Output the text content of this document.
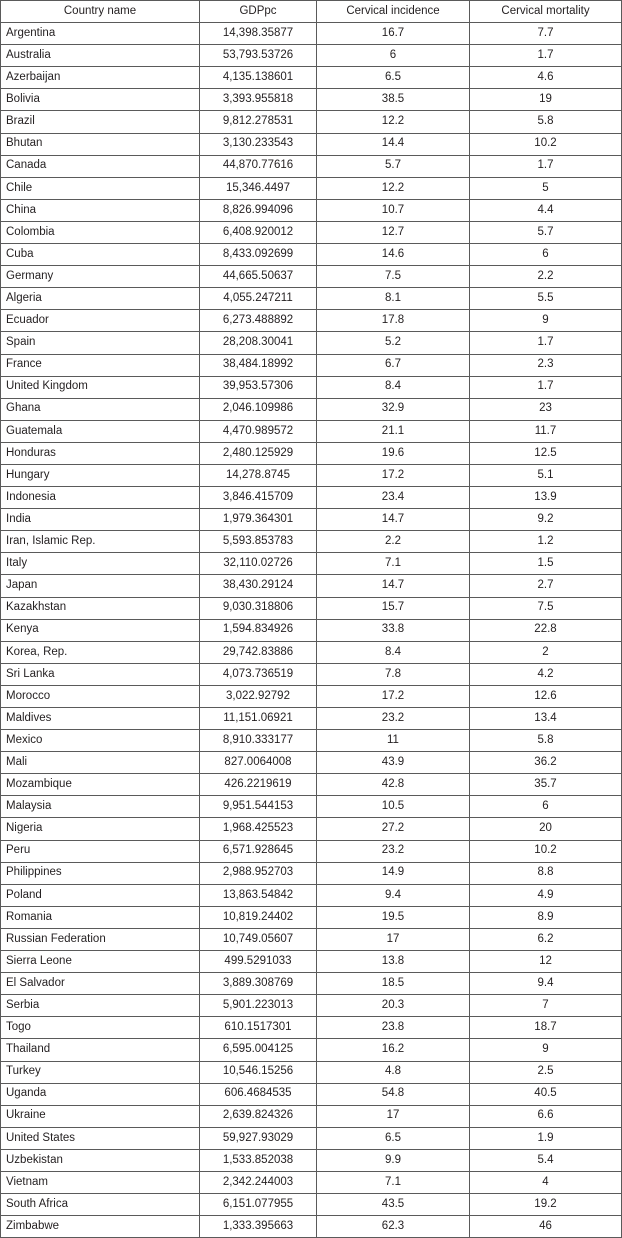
Country name	GDPpc	Cervical incidence	Cervical mortality
Argentina	14,398.35877	16.7	7.7
Australia	53,793.53726	6	1.7
Azerbaijan	4,135.138601	6.5	4.6
Bolivia	3,393.955818	38.5	19
Brazil	9,812.278531	12.2	5.8
Bhutan	3,130.233543	14.4	10.2
Canada	44,870.77616	5.7	1.7
Chile	15,346.4497	12.2	5
China	8,826.994096	10.7	4.4
Colombia	6,408.920012	12.7	5.7
Cuba	8,433.092699	14.6	6
Germany	44,665.50637	7.5	2.2
Algeria	4,055.247211	8.1	5.5
Ecuador	6,273.488892	17.8	9
Spain	28,208.30041	5.2	1.7
France	38,484.18992	6.7	2.3
United Kingdom	39,953.57306	8.4	1.7
Ghana	2,046.109986	32.9	23
Guatemala	4,470.989572	21.1	11.7
Honduras	2,480.125929	19.6	12.5
Hungary	14,278.8745	17.2	5.1
Indonesia	3,846.415709	23.4	13.9
India	1,979.364301	14.7	9.2
Iran, Islamic Rep.	5,593.853783	2.2	1.2
Italy	32,110.02726	7.1	1.5
Japan	38,430.29124	14.7	2.7
Kazakhstan	9,030.318806	15.7	7.5
Kenya	1,594.834926	33.8	22.8
Korea, Rep.	29,742.83886	8.4	2
Sri Lanka	4,073.736519	7.8	4.2
Morocco	3,022.92792	17.2	12.6
Maldives	11,151.06921	23.2	13.4
Mexico	8,910.333177	11	5.8
Mali	827.0064008	43.9	36.2
Mozambique	426.2219619	42.8	35.7
Malaysia	9,951.544153	10.5	6
Nigeria	1,968.425523	27.2	20
Peru	6,571.928645	23.2	10.2
Philippines	2,988.952703	14.9	8.8
Poland	13,863.54842	9.4	4.9
Romania	10,819.24402	19.5	8.9
Russian Federation	10,749.05607	17	6.2
Sierra Leone	499.5291033	13.8	12
El Salvador	3,889.308769	18.5	9.4
Serbia	5,901.223013	20.3	7
Togo	610.1517301	23.8	18.7
Thailand	6,595.004125	16.2	9
Turkey	10,546.15256	4.8	2.5
Uganda	606.4684535	54.8	40.5
Ukraine	2,639.824326	17	6.6
United States	59,927.93029	6.5	1.9
Uzbekistan	1,533.852038	9.9	5.4
Vietnam	2,342.244003	7.1	4
South Africa	6,151.077955	43.5	19.2
Zimbabwe	1,333.395663	62.3	46
